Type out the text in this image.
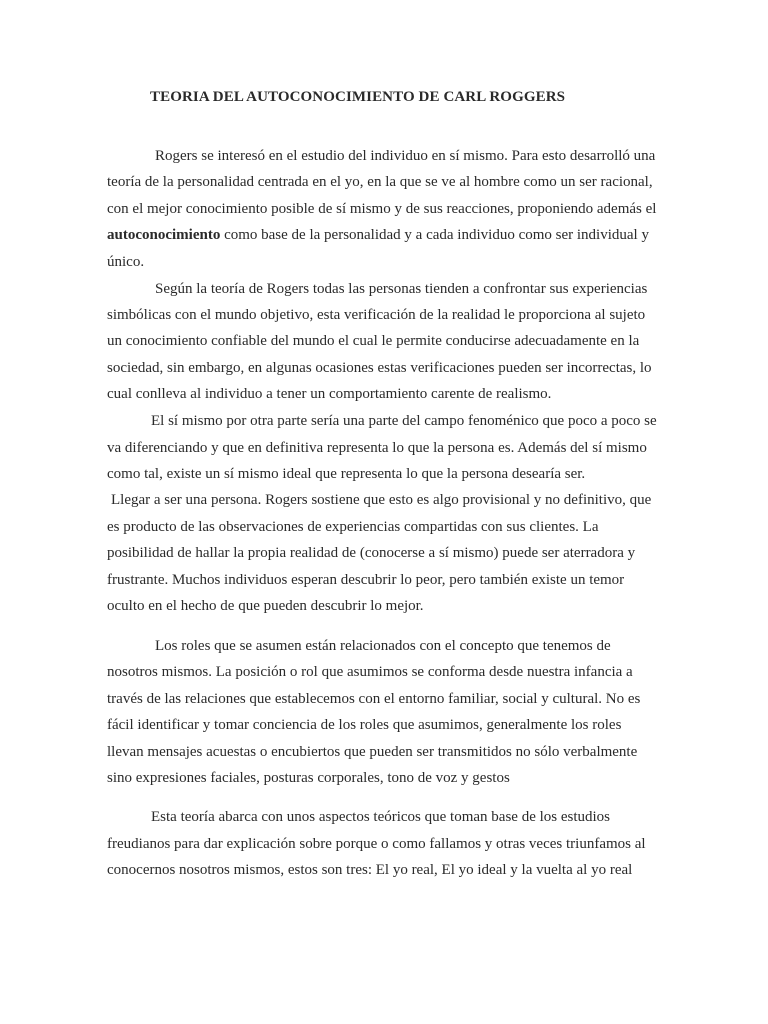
TEORIA DEL AUTOCONOCIMIENTO DE CARL ROGGERS
Rogers se interesó en el estudio del individuo en sí mismo. Para esto desarrolló una
teoría de la personalidad centrada en el yo, en la que se ve al hombre como un ser racional,
con el mejor conocimiento posible de sí mismo y de sus reacciones, proponiendo además el
autoconocimiento como base de la personalidad y a cada individuo como ser individual y
único.
Según la teoría de Rogers todas las personas tienden a confrontar sus experiencias
simbólicas con el mundo objetivo, esta verificación de la realidad le proporciona al sujeto
un conocimiento confiable del mundo el cual le permite conducirse adecuadamente en la
sociedad, sin embargo, en algunas ocasiones estas verificaciones pueden ser incorrectas, lo
cual conlleva al individuo a tener un comportamiento carente de realismo.
El sí mismo por otra parte sería una parte del campo fenoménico que poco a poco se
va diferenciando y que en definitiva representa lo que la persona es. Además del sí mismo
como tal, existe un sí mismo ideal que representa lo que la persona desearía ser.
Llegar a ser una persona. Rogers sostiene que esto es algo provisional y no definitivo, que
es producto de las observaciones de experiencias compartidas con sus clientes. La
posibilidad de hallar la propia realidad de (conocerse a sí mismo) puede ser aterradora y
frustrante. Muchos individuos esperan descubrir lo peor, pero también existe un temor
oculto en el hecho de que pueden descubrir lo mejor.
Los roles que se asumen están relacionados con el concepto que tenemos de
nosotros mismos. La posición o rol que asumimos se conforma desde nuestra infancia a
través de las relaciones que establecemos con el entorno familiar, social y cultural. No es
fácil identificar y tomar conciencia de los roles que asumimos, generalmente los roles
llevan mensajes acuestas o encubiertos que pueden ser transmitidos no sólo verbalmente
sino expresiones faciales, posturas corporales, tono de voz y gestos
Esta teoría abarca con unos aspectos teóricos que toman base de los estudios
freudianos para dar explicación sobre porque o como fallamos y otras veces triunfamos al
conocernos nosotros mismos, estos son tres: El yo real, El yo ideal y la vuelta al yo real
